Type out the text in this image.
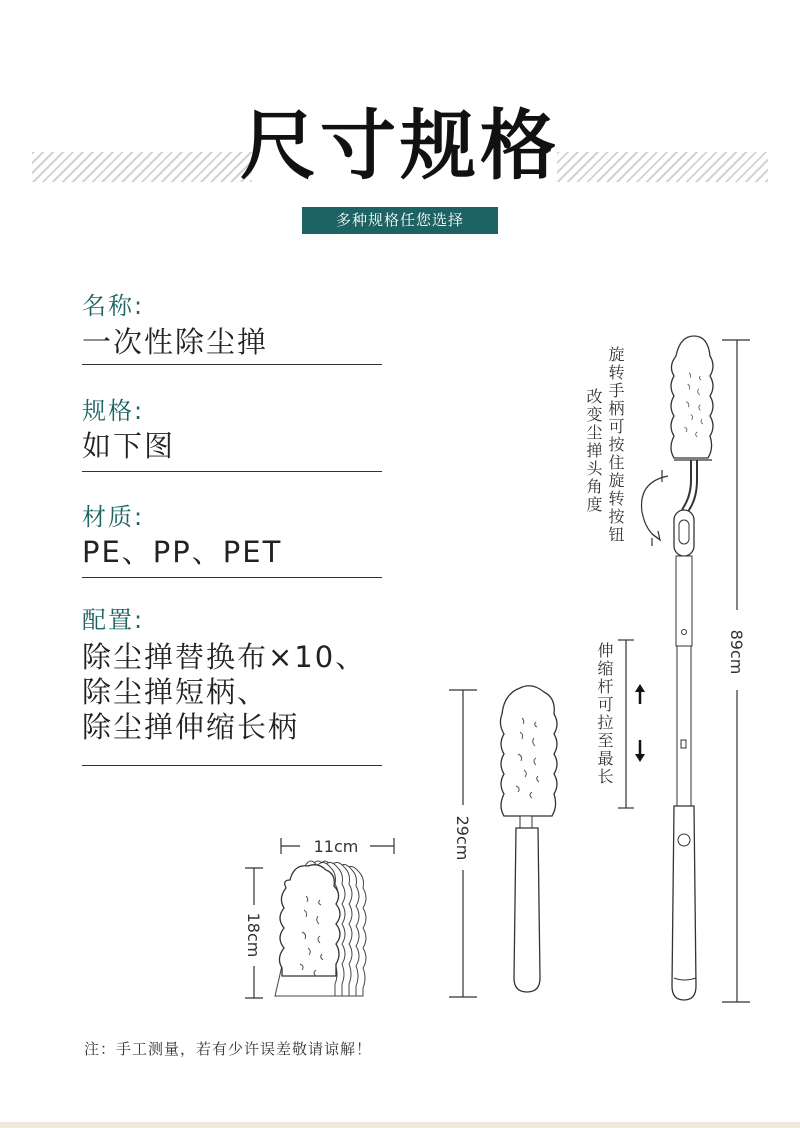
尺寸规格
多种规格任您选择
名称:
一次性除尘掸
规格:
如下图
材质:
PE、PP、PET
配置:
除尘掸替换布×10、
除尘掸短柄、
除尘掸伸缩长柄
旋转手柄可按住旋转按钮
改变尘掸头角度
伸缩杆可拉至最长
11cm
18cm
29cm
89cm
注：手工测量，若有少许误差敬请谅解！
